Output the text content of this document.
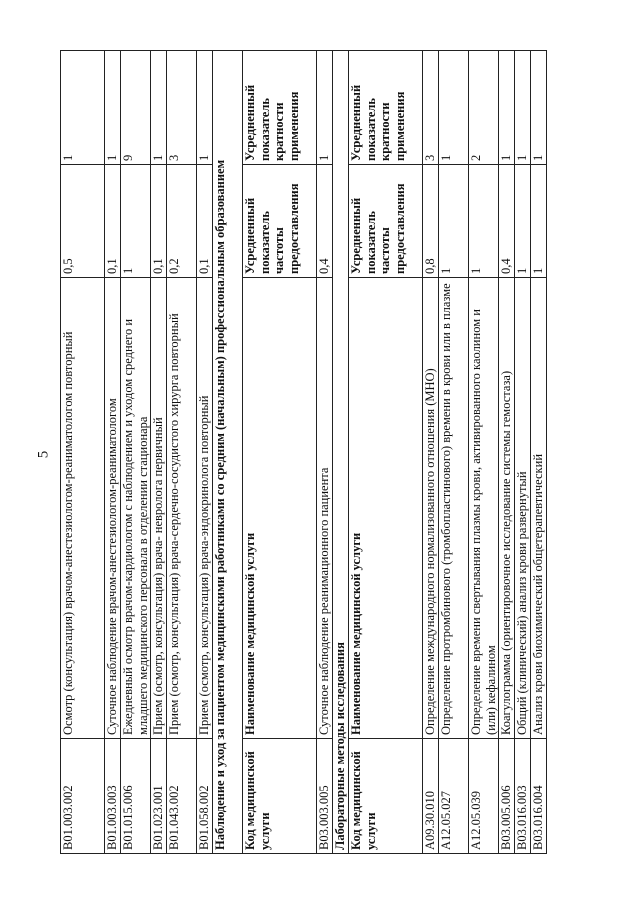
5
B01.003.002	Осмотр (консультация) врачом-анестезиологом-реаниматологом повторный	0,5	1
B01.003.003	Суточное наблюдение врачом-анестезиологом-реаниматологом	0,1	1
B01.015.006	Ежедневный осмотр врачом-кардиологом с наблюдением и уходом среднего и младшего медицинского персонала в отделении стационара	1	9
B01.023.001	Прием (осмотр, консультация) врача- невролога первичный	0,1	1
B01.043.002	Прием (осмотр, консультация) врача-сердечно-сосудистого хирурга повторный	0,2	3
B01.058.002	Прием (осмотр, консультация) врача-эндокринолога повторный	0,1	1
Наблюдение и уход за пациентом медицинскими работниками со средним (начальным) профессиональным образованием			
Код медицинской услуги	Наименование медицинской услуги	Усредненный показатель частоты предоставления	Усредненный показатель кратности применения
B03.003.005	Суточное наблюдение реанимационного пациента	0,4	1
Лабораторные методы исследования			
Код медицинской услуги	Наименование медицинской услуги	Усредненный показатель частоты предоставления	Усредненный показатель кратности применения
A09.30.010	Определение международного нормализованного отношения (МНО)	0,8	3
A12.05.027	Определение протромбинового (тромбопластинового) времени в крови или в плазме	1	1
A12.05.039	Определение времени свертывания плазмы крови, активированного каолином и (или) кефалином	1	2
B03.005.006	Коагулограмма (ориентировочное исследование системы гемостаза)	0,4	1
B03.016.003	Общий (клинический) анализ крови развернутый	1	1
B03.016.004	Анализ крови биохимический общетерапевтический	1	1
